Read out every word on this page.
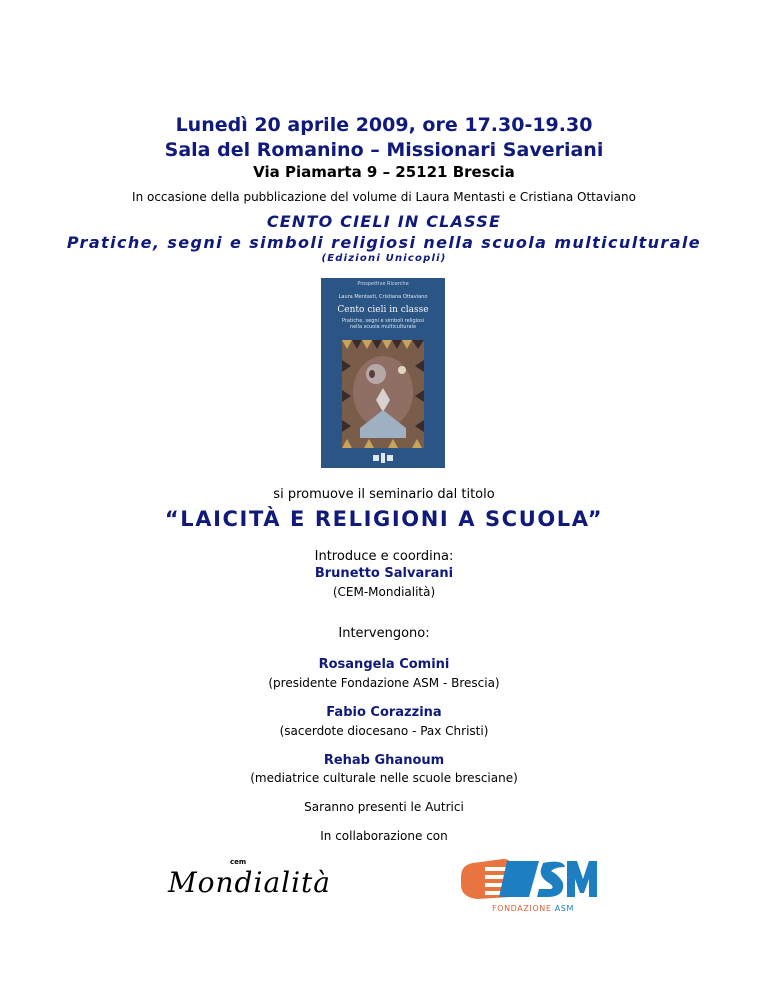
Lunedì 20 aprile 2009, ore 17.30-19.30
Sala del Romanino – Missionari Saveriani
Via Piamarta 9 – 25121 Brescia
In occasione della pubblicazione del volume di Laura Mentasti e Cristiana Ottaviano
CENTO CIELI IN CLASSE
Pratiche, segni e simboli religiosi nella scuola multiculturale
(Edizioni Unicopli)
Prospettive Ricerche
Laura Mentasti, Cristiana Ottaviano
Cento cieli in classe
Pratiche, segni e simboli religiosi
nella scuola multiculturale
si promuove il seminario dal titolo
“LAICITÀ E RELIGIONI A SCUOLA”
Introduce e coordina:
Brunetto Salvarani
(CEM-Mondialità)
Intervengono:
Rosangela Comini
(presidente Fondazione ASM - Brescia)
Fabio Corazzina
(sacerdote diocesano - Pax Christi)
Rehab Ghanoum
(mediatrice culturale nelle scuole bresciane)
Saranno presenti le Autrici
In collaborazione con
cem
Mondialità
FONDAZIONE ASM
